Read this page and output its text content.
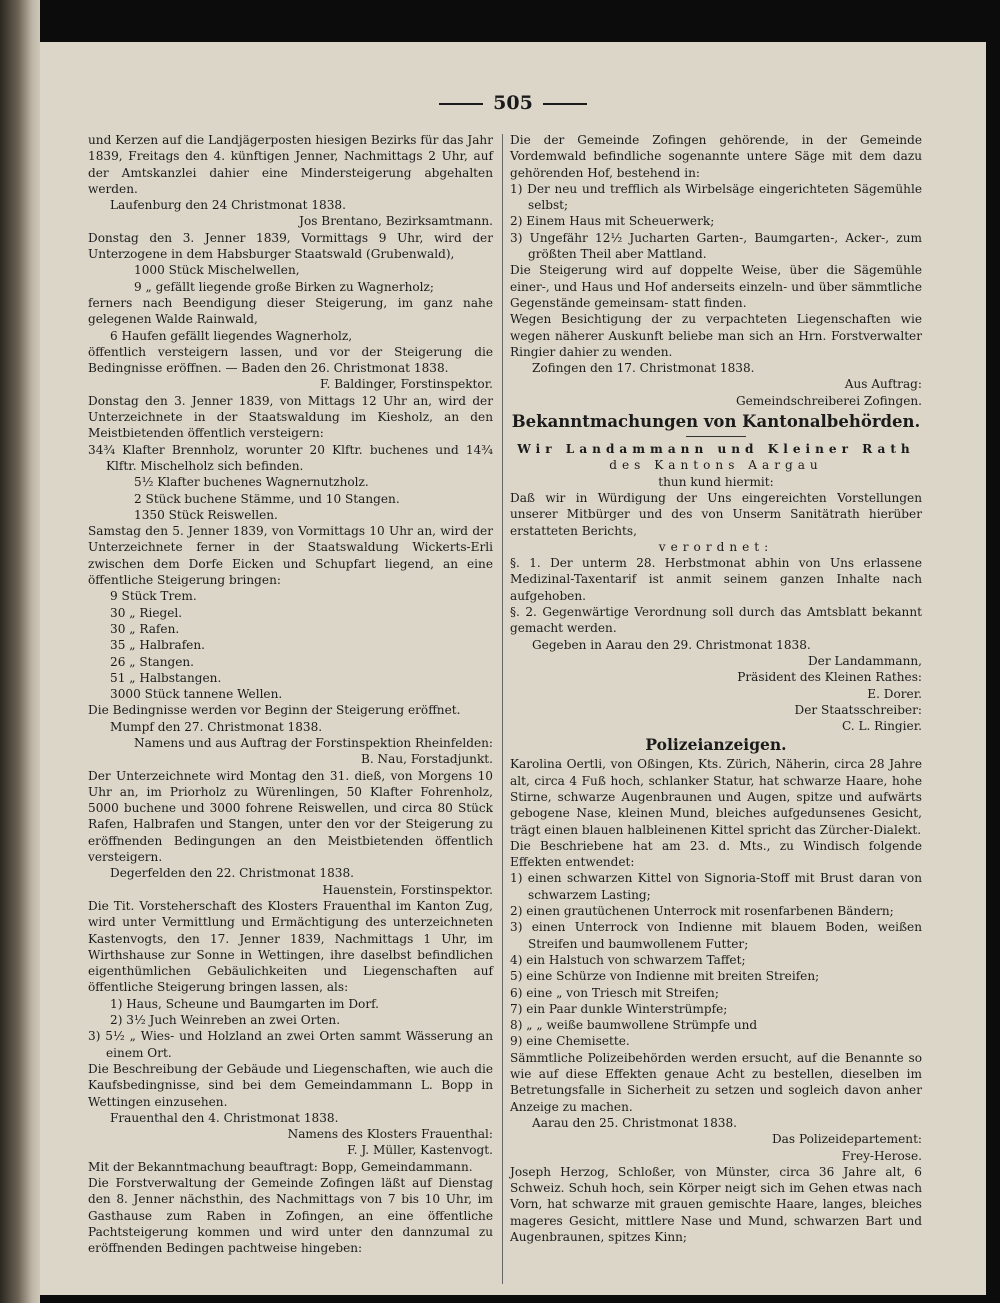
505

und Kerzen auf die Landjägerposten hiesigen Bezirks für das Jahr 1839, Freitags den 4. künftigen Jenner, Nachmittags 2 Uhr, auf der Amtskanzlei dahier eine Mindersteigerung abgehalten werden.

Laufenburg den 24 Christmonat 1838.

Jos Brentano, Bezirksamtmann.

Donstag den 3. Jenner 1839, Vormittags 9 Uhr, wird der Unterzogene in dem Habsburger Staatswald (Grubenwald),

1000 Stück Mischelwellen,

9 „ gefällt liegende große Birken zu Wagnerholz;

ferners nach Beendigung dieser Steigerung, im ganz nahe gelegenen Walde Rainwald,

6 Haufen gefällt liegendes Wagnerholz,

öffentlich versteigern lassen, und vor der Steigerung die Bedingnisse eröffnen. — Baden den 26. Christmonat 1838.

F. Baldinger, Forstinspektor.

Donstag den 3. Jenner 1839, von Mittags 12 Uhr an, wird der Unterzeichnete in der Staatswaldung im Kiesholz, an den Meistbietenden öffentlich versteigern:

34¾ Klafter Brennholz, worunter 20 Klftr. buchenes und 14¾ Klftr. Mischelholz sich befinden.

5½ Klafter buchenes Wagnernutzholz.

2 Stück buchene Stämme, und 10 Stangen.

1350 Stück Reiswellen.

Samstag den 5. Jenner 1839, von Vormittags 10 Uhr an, wird der Unterzeichnete ferner in der Staatswaldung Wickerts-Erli zwischen dem Dorfe Eicken und Schupfart liegend, an eine öffentliche Steigerung bringen:

9 Stück Trem.

30 „ Riegel.

30 „ Rafen.

35 „ Halbrafen.

26 „ Stangen.

51 „ Halbstangen.

3000 Stück tannene Wellen.

Die Bedingnisse werden vor Beginn der Steigerung eröffnet.

Mumpf den 27. Christmonat 1838.

Namens und aus Auftrag der Forstinspektion Rheinfelden:

B. Nau, Forstadjunkt.

Der Unterzeichnete wird Montag den 31. dieß, von Morgens 10 Uhr an, im Priorholz zu Würenlingen, 50 Klafter Fohrenholz, 5000 buchene und 3000 fohrene Reiswellen, und circa 80 Stück Rafen, Halbrafen und Stangen, unter den vor der Steigerung zu eröffnenden Bedingungen an den Meistbietenden öffentlich versteigern.

Degerfelden den 22. Christmonat 1838.

Hauenstein, Forstinspektor.

Die Tit. Vorsteherschaft des Klosters Frauenthal im Kanton Zug, wird unter Vermittlung und Ermächtigung des unterzeichneten Kastenvogts, den 17. Jenner 1839, Nachmittags 1 Uhr, im Wirthshause zur Sonne in Wettingen, ihre daselbst befindlichen eigenthümlichen Gebäulichkeiten und Liegenschaften auf öffentliche Steigerung bringen lassen, als:

1) Haus, Scheune und Baumgarten im Dorf.

2) 3½ Juch Weinreben an zwei Orten.

3) 5½ „ Wies- und Holzland an zwei Orten sammt Wässerung an einem Ort.

Die Beschreibung der Gebäude und Liegenschaften, wie auch die Kaufsbedingnisse, sind bei dem Gemeindammann L. Bopp in Wettingen einzusehen.

Frauenthal den 4. Christmonat 1838.

Namens des Klosters Frauenthal:

F. J. Müller, Kastenvogt.

Mit der Bekanntmachung beauftragt: Bopp, Gemeindammann.

Die Forstverwaltung der Gemeinde Zofingen läßt auf Dienstag den 8. Jenner nächsthin, des Nachmittags von 7 bis 10 Uhr, im Gasthause zum Raben in Zofingen, an eine öffentliche Pachtsteigerung kommen und wird unter den dannzumal zu eröffnenden Bedingen pachtweise hingeben:

Die der Gemeinde Zofingen gehörende, in der Gemeinde Vordemwald befindliche sogenannte untere Säge mit dem dazu gehörenden Hof, bestehend in:

1) Der neu und trefflich als Wirbelsäge eingerichteten Sägemühle selbst;

2) Einem Haus mit Scheuerwerk;

3) Ungefähr 12½ Jucharten Garten-, Baumgarten-, Acker-, zum größten Theil aber Mattland.

Die Steigerung wird auf doppelte Weise, über die Sägemühle einer-, und Haus und Hof anderseits einzeln- und über sämmtliche Gegenstände gemeinsam- statt finden.

Wegen Besichtigung der zu verpachteten Liegenschaften wie wegen näherer Auskunft beliebe man sich an Hrn. Forstverwalter Ringier dahier zu wenden.

Zofingen den 17. Christmonat 1838.

Aus Auftrag:

Gemeindschreiberei Zofingen.

Bekanntmachungen von Kantonalbehörden.

Wir Landammann und Kleiner Rath

des Kantons Aargau

thun kund hiermit:

Daß wir in Würdigung der Uns eingereichten Vorstellungen unserer Mitbürger und des von Unserm Sanitätrath hierüber erstatteten Berichts,

verordnet:

§. 1. Der unterm 28. Herbstmonat abhin von Uns erlassene Medizinal-Taxentarif ist anmit seinem ganzen Inhalte nach aufgehoben.

§. 2. Gegenwärtige Verordnung soll durch das Amtsblatt bekannt gemacht werden.

Gegeben in Aarau den 29. Christmonat 1838.

Der Landammann,

Präsident des Kleinen Rathes:

E. Dorer.

Der Staatsschreiber:

C. L. Ringier.

Polizeianzeigen.

Karolina Oertli, von Oßingen, Kts. Zürich, Näherin, circa 28 Jahre alt, circa 4 Fuß hoch, schlanker Statur, hat schwarze Haare, hohe Stirne, schwarze Augenbraunen und Augen, spitze und aufwärts gebogene Nase, kleinen Mund, bleiches aufgedunsenes Gesicht, trägt einen blauen halbleinenen Kittel spricht das Zürcher-Dialekt.

Die Beschriebene hat am 23. d. Mts., zu Windisch folgende Effekten entwendet:

1) einen schwarzen Kittel von Signoria-Stoff mit Brust daran von schwarzem Lasting;

2) einen grautüchenen Unterrock mit rosenfarbenen Bändern;

3) einen Unterrock von Indienne mit blauem Boden, weißen Streifen und baumwollenem Futter;

4) ein Halstuch von schwarzem Taffet;

5) eine Schürze von Indienne mit breiten Streifen;

6) eine „ von Triesch mit Streifen;

7) ein Paar dunkle Winterstrümpfe;

8) „ „ weiße baumwollene Strümpfe und

9) eine Chemisette.

Sämmtliche Polizeibehörden werden ersucht, auf die Benannte so wie auf diese Effekten genaue Acht zu bestellen, dieselben im Betretungsfalle in Sicherheit zu setzen und sogleich davon anher Anzeige zu machen.

Aarau den 25. Christmonat 1838.

Das Polizeidepartement:

Frey-Herose.

Joseph Herzog, Schloßer, von Münster, circa 36 Jahre alt, 6 Schweiz. Schuh hoch, sein Körper neigt sich im Gehen etwas nach Vorn, hat schwarze mit grauen gemischte Haare, langes, bleiches mageres Gesicht, mittlere Nase und Mund, schwarzen Bart und Augenbraunen, spitzes Kinn;
